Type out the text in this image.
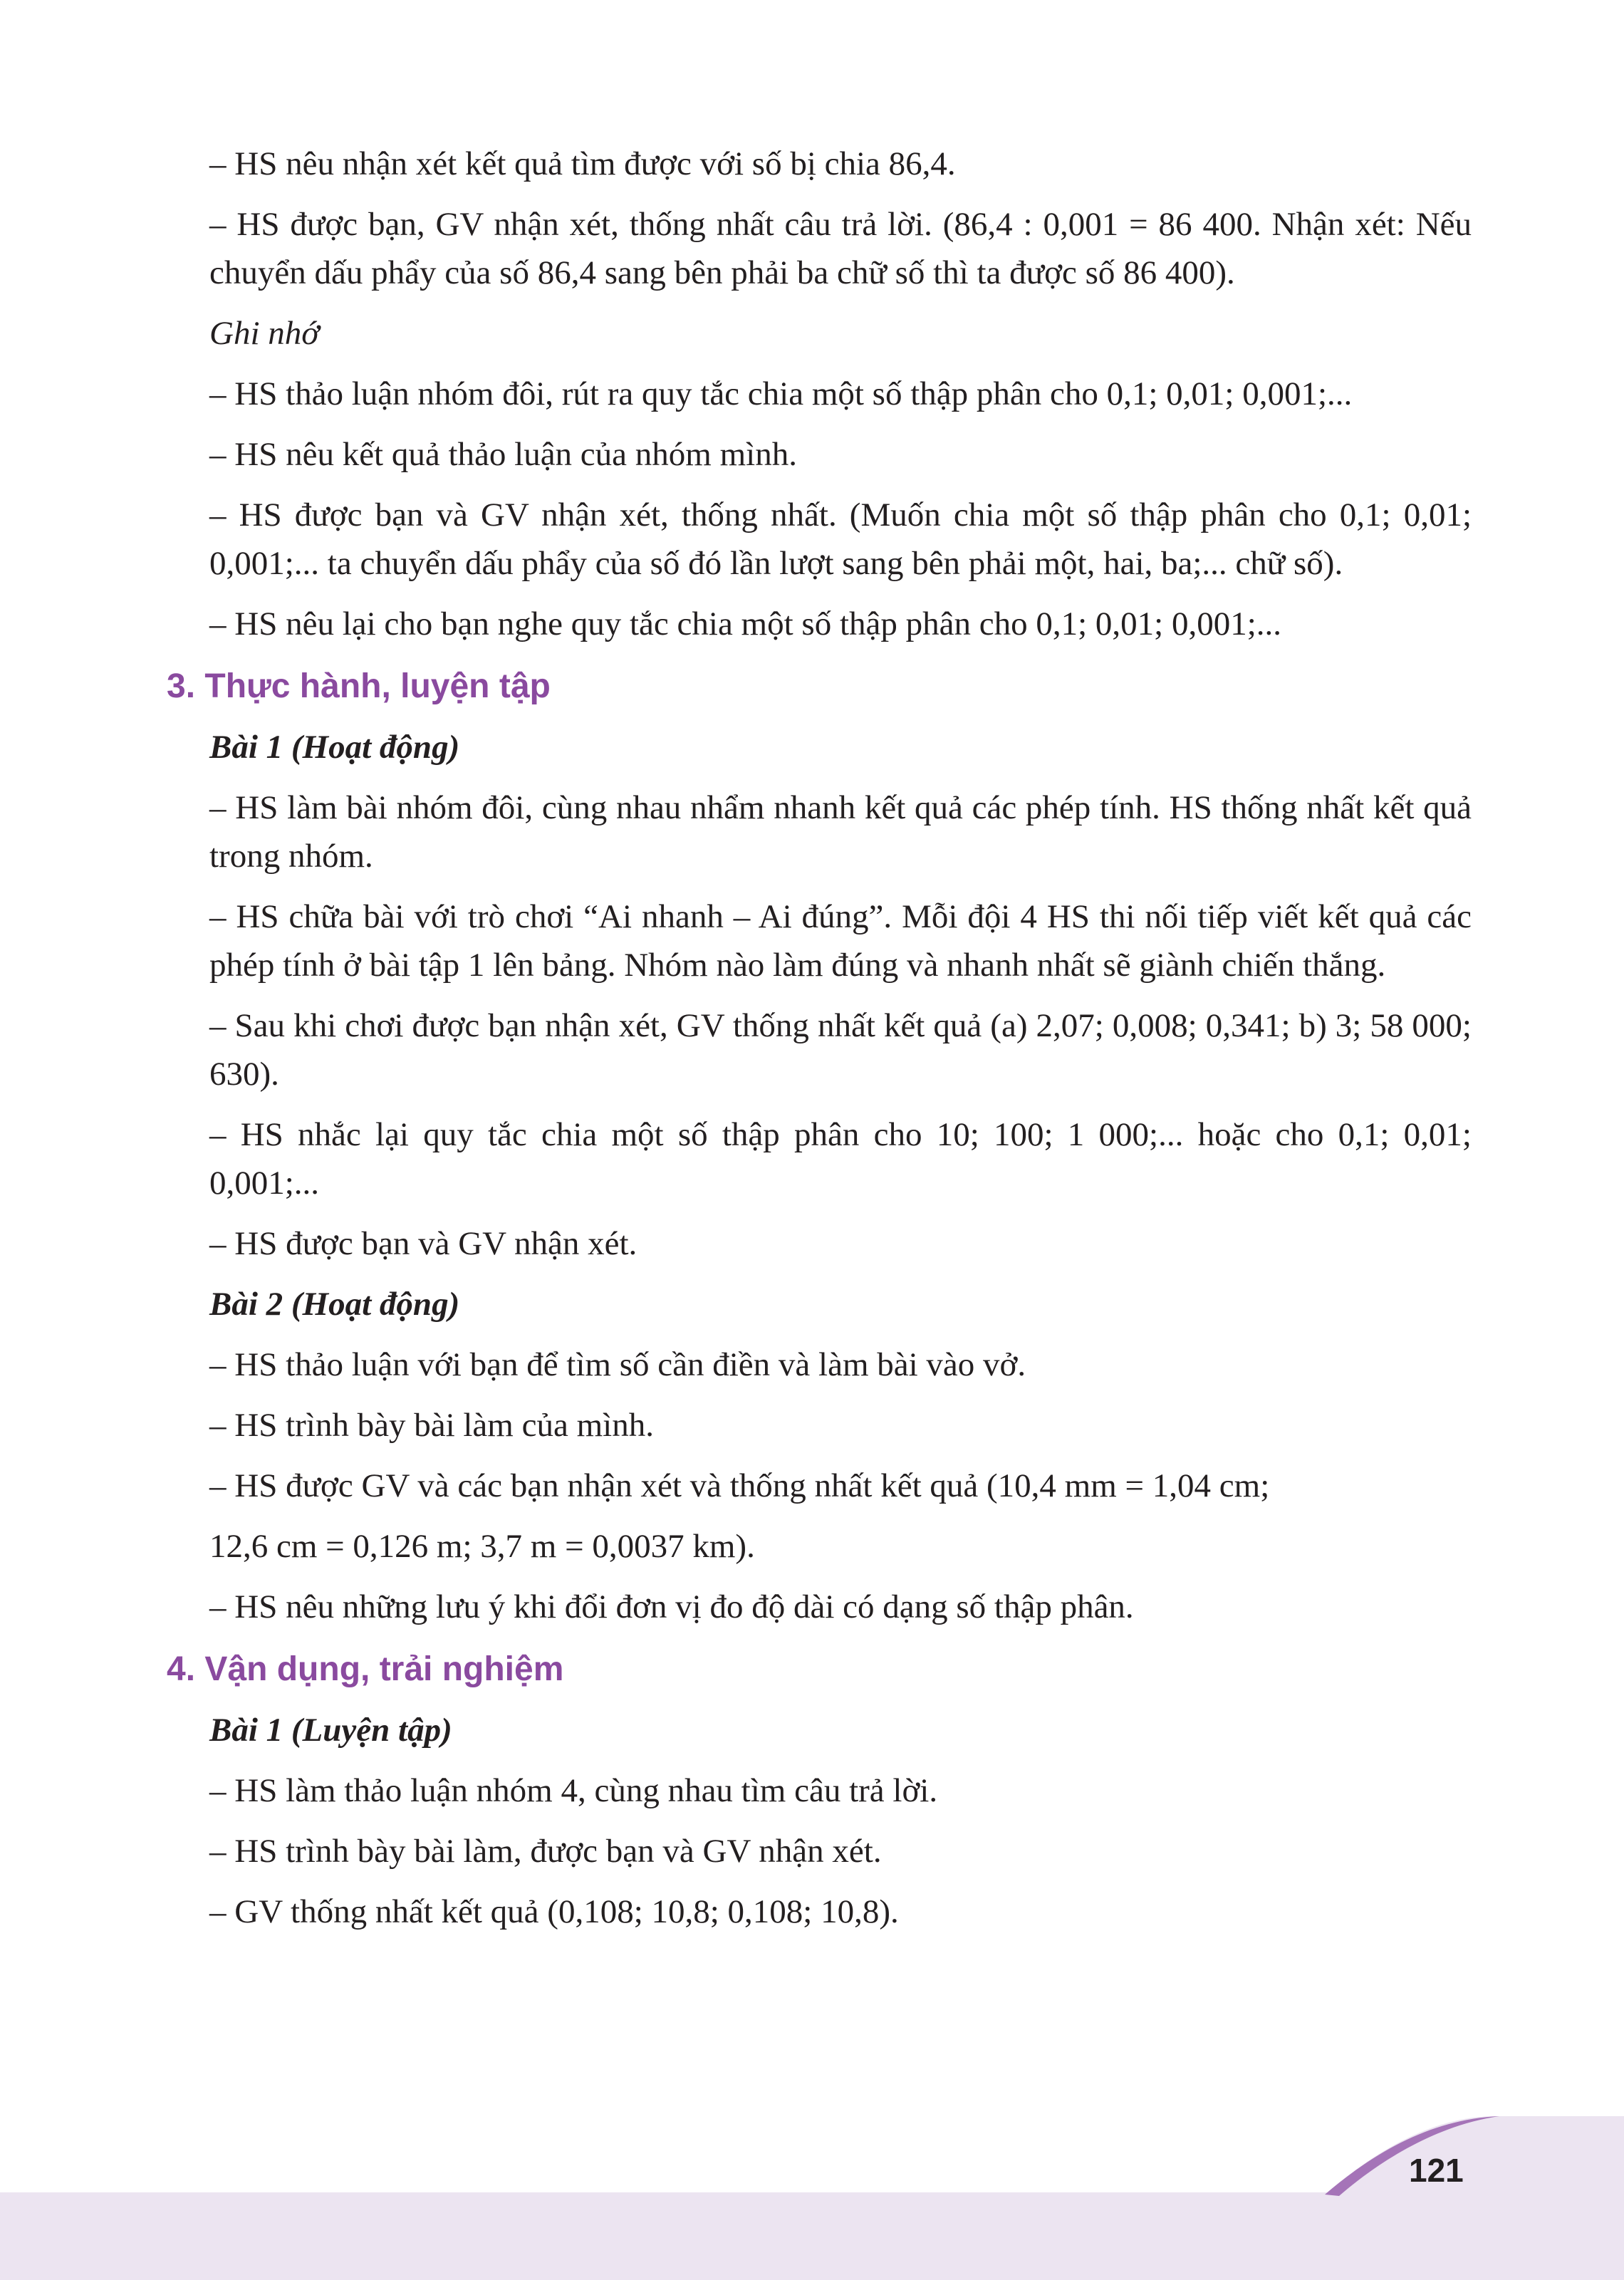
– HS nêu nhận xét kết quả tìm được với số bị chia 86,4.

– HS được bạn, GV nhận xét, thống nhất câu trả lời. (86,4 : 0,001 = 86 400. Nhận xét: Nếu chuyển dấu phẩy của số 86,4 sang bên phải ba chữ số thì ta được số 86 400).

Ghi nhớ

– HS thảo luận nhóm đôi, rút ra quy tắc chia một số thập phân cho 0,1; 0,01; 0,001;...

– HS nêu kết quả thảo luận của nhóm mình.

– HS được bạn và GV nhận xét, thống nhất. (Muốn chia một số thập phân cho 0,1; 0,01; 0,001;... ta chuyển dấu phẩy của số đó lần lượt sang bên phải một, hai, ba;... chữ số).

– HS nêu lại cho bạn nghe quy tắc chia một số thập phân cho 0,1; 0,01; 0,001;...

3. Thực hành, luyện tập

Bài 1 (Hoạt động)

– HS làm bài nhóm đôi, cùng nhau nhẩm nhanh kết quả các phép tính. HS thống nhất kết quả trong nhóm.

– HS chữa bài với trò chơi “Ai nhanh – Ai đúng”. Mỗi đội 4 HS thi nối tiếp viết kết quả các phép tính ở bài tập 1 lên bảng. Nhóm nào làm đúng và nhanh nhất sẽ giành chiến thắng.

– Sau khi chơi được bạn nhận xét, GV thống nhất kết quả (a) 2,07; 0,008; 0,341; b) 3; 58 000; 630).

– HS nhắc lại quy tắc chia một số thập phân cho 10; 100; 1 000;... hoặc cho 0,1; 0,01; 0,001;...

– HS được bạn và GV nhận xét.

Bài 2 (Hoạt động)

– HS thảo luận với bạn để tìm số cần điền và làm bài vào vở.

– HS trình bày bài làm của mình.

– HS được GV và các bạn nhận xét và thống nhất kết quả (10,4 mm = 1,04 cm;

12,6 cm = 0,126 m; 3,7 m = 0,0037 km).

– HS nêu những lưu ý khi đổi đơn vị đo độ dài có dạng số thập phân.

4. Vận dụng, trải nghiệm

Bài 1 (Luyện tập)

– HS làm thảo luận nhóm 4, cùng nhau tìm câu trả lời.

– HS trình bày bài làm, được bạn và GV nhận xét.

– GV thống nhất kết quả (0,108; 10,8; 0,108; 10,8).

121
